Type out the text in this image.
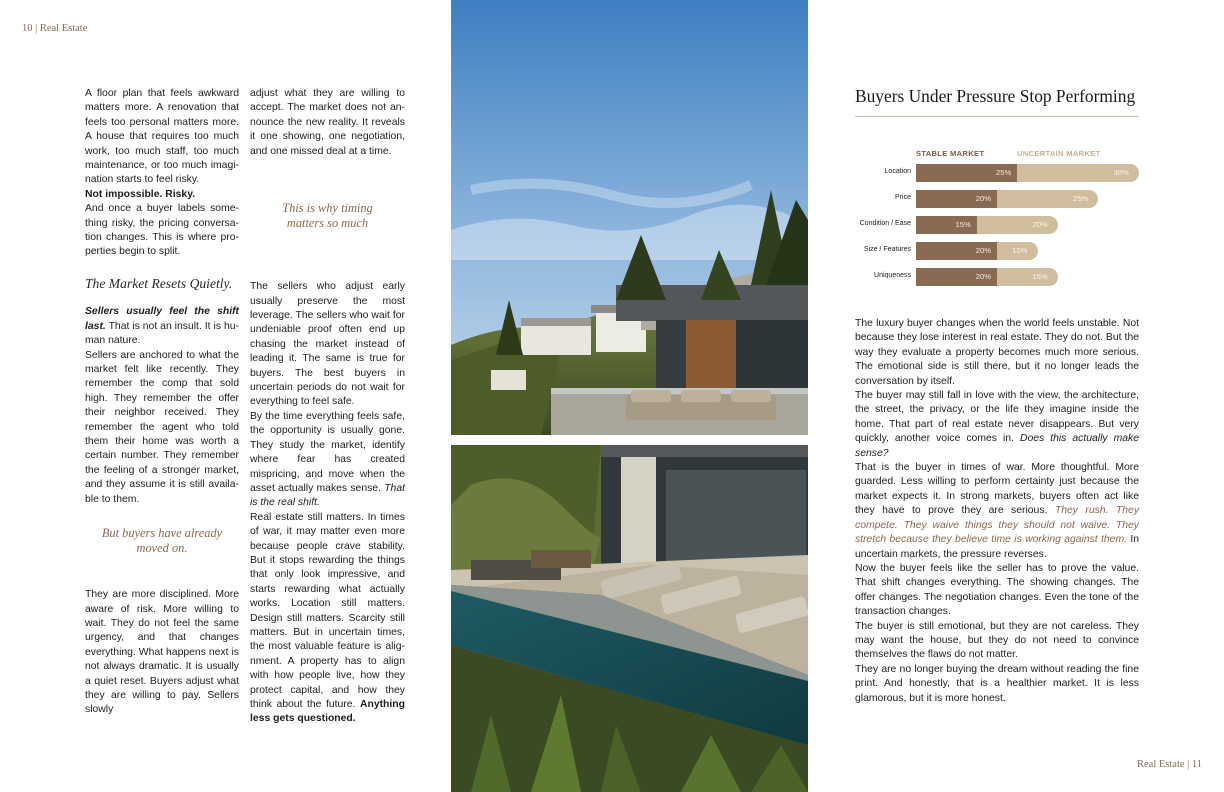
10 | Real Estate
Real Estate | 11

A floor plan that feels awkward matters more. A renovation that feels too personal matters more. A house that requires too much work, too much staff, too much maintenance, or too much imagination starts to feel risky.

Not impossible. Risky.

And once a buyer labels something risky, the pricing conversation changes. This is where properties begin to split.

The Market Resets Quietly.

Sellers usually feel the shift last. That is not an insult. It is human nature.

Sellers are anchored to what the market felt like recently. They remember the comp that sold high. They remember the offer their neighbor received. They remember the agent who told them their home was worth a certain number. They remember the feeling of a stronger market, and they assume it is still available to them.

But buyers have already moved on.

They are more disciplined. More aware of risk. More willing to wait. They do not feel the same urgency, and that changes everything. What happens next is not always dramatic. It is usually a quiet reset. Buyers adjust what they are willing to pay. Sellers slowly

adjust what they are willing to accept. The market does not announce the new reality. It reveals it one showing, one negotiation, and one missed deal at a time.

This is why timing matters so much

The sellers who adjust early usually preserve the most leverage. The sellers who wait for undeniable proof often end up chasing the market instead of leading it. The same is true for buyers. The best buyers in uncertain periods do not wait for everything to feel safe.

By the time everything feels safe, the opportunity is usually gone. They study the market, identify where fear has created mispricing, and move when the asset actually makes sense. That is the real shift.

Real estate still matters. In times of war, it may matter even more because people crave stability. But it stops rewarding the things that only look impressive, and starts rewarding what actually works. Location still matters. Design still matters. Scarcity still matters. But in uncertain times, the most valuable feature is alignment. A property has to align with how people live, how they protect capital, and how they think about the future. Anything less gets questioned.

Buyers Under Pressure Stop Performing
STABLE MARKET	UNCERTAIN MARKET
Location	25%	30%
Price	20%	25%
Condition / Ease	15%	20%
Size / Features	20%	10%
Uniqueness	20%	15%

The luxury buyer changes when the world feels unstable. Not because they lose interest in real estate. They do not. But the way they evaluate a property becomes much more serious. The emotional side is still there, but it no longer leads the conversation by itself.

The buyer may still fall in love with the view, the architecture, the street, the privacy, or the life they imagine inside the home. That part of real estate never disappears. But very quickly, another voice comes in. Does this actually make sense?

That is the buyer in times of war. More thoughtful. More guarded. Less willing to perform certainty just because the market expects it. In strong markets, buyers often act like they have to prove they are serious. They rush. They compete. They waive things they should not waive. They stretch because they believe time is working against them. In uncertain markets, the pressure reverses.

Now the buyer feels like the seller has to prove the value. That shift changes everything. The showing changes. The offer changes. The negotiation changes. Even the tone of the transaction changes.

The buyer is still emotional, but they are not careless. They may want the house, but they do not need to convince themselves the flaws do not matter.

They are no longer buying the dream without reading the fine print. And honestly, that is a healthier market. It is less glamorous, but it is more honest.
